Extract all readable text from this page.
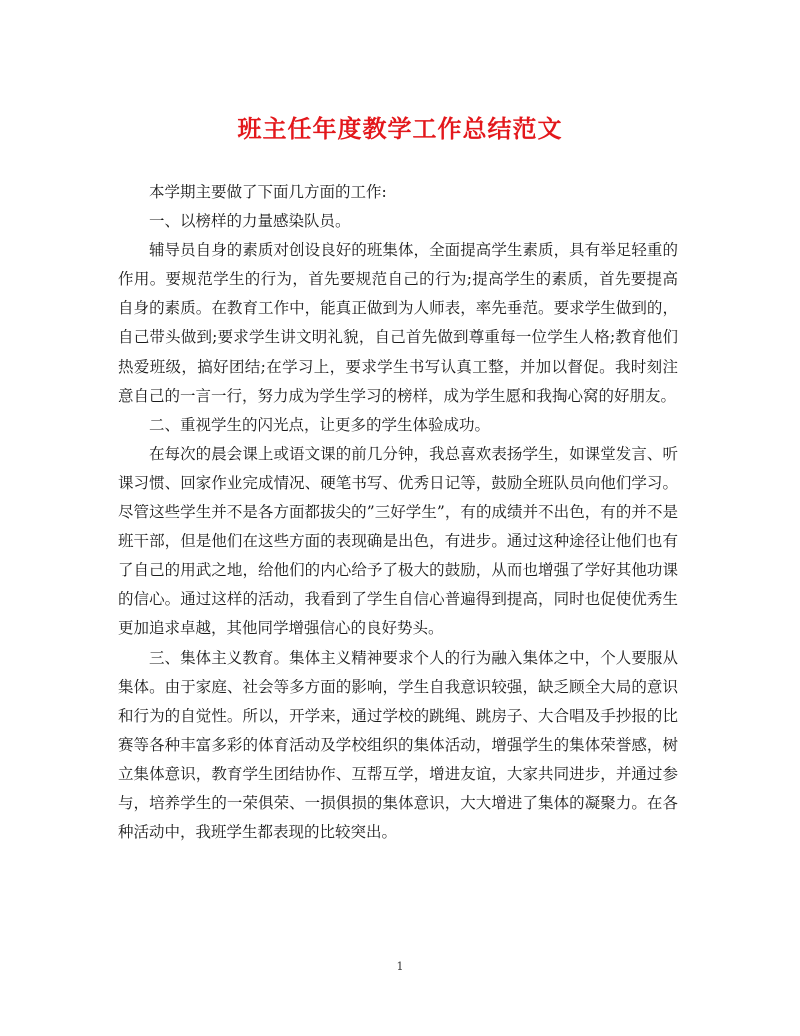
班主任年度教学工作总结范文

本学期主要做了下面几方面的工作:

一、以榜样的力量感染队员。

辅导员自身的素质对创设良好的班集体，全面提高学生素质，具有举足轻重的作用。要规范学生的行为，首先要规范自己的行为;提高学生的素质，首先要提高自身的素质。在教育工作中，能真正做到为人师表，率先垂范。要求学生做到的，自己带头做到;要求学生讲文明礼貌，自己首先做到尊重每一位学生人格;教育他们热爱班级，搞好团结;在学习上，要求学生书写认真工整，并加以督促。我时刻注意自己的一言一行，努力成为学生学习的榜样，成为学生愿和我掏心窝的好朋友。

二、重视学生的闪光点，让更多的学生体验成功。

在每次的晨会课上或语文课的前几分钟，我总喜欢表扬学生，如课堂发言、听课习惯、回家作业完成情况、硬笔书写、优秀日记等，鼓励全班队员向他们学习。尽管这些学生并不是各方面都拔尖的”三好学生”，有的成绩并不出色，有的并不是班干部，但是他们在这些方面的表现确是出色，有进步。通过这种途径让他们也有了自己的用武之地，给他们的内心给予了极大的鼓励，从而也增强了学好其他功课的信心。通过这样的活动，我看到了学生自信心普遍得到提高，同时也促使优秀生更加追求卓越，其他同学增强信心的良好势头。

三、集体主义教育。集体主义精神要求个人的行为融入集体之中，个人要服从集体。由于家庭、社会等多方面的影响，学生自我意识较强，缺乏顾全大局的意识和行为的自觉性。所以，开学来，通过学校的跳绳、跳房子、大合唱及手抄报的比赛等各种丰富多彩的体育活动及学校组织的集体活动，增强学生的集体荣誉感，树立集体意识，教育学生团结协作、互帮互学，增进友谊，大家共同进步，并通过参与，培养学生的一荣俱荣、一损俱损的集体意识，大大增进了集体的凝聚力。在各种活动中，我班学生都表现的比较突出。

1
